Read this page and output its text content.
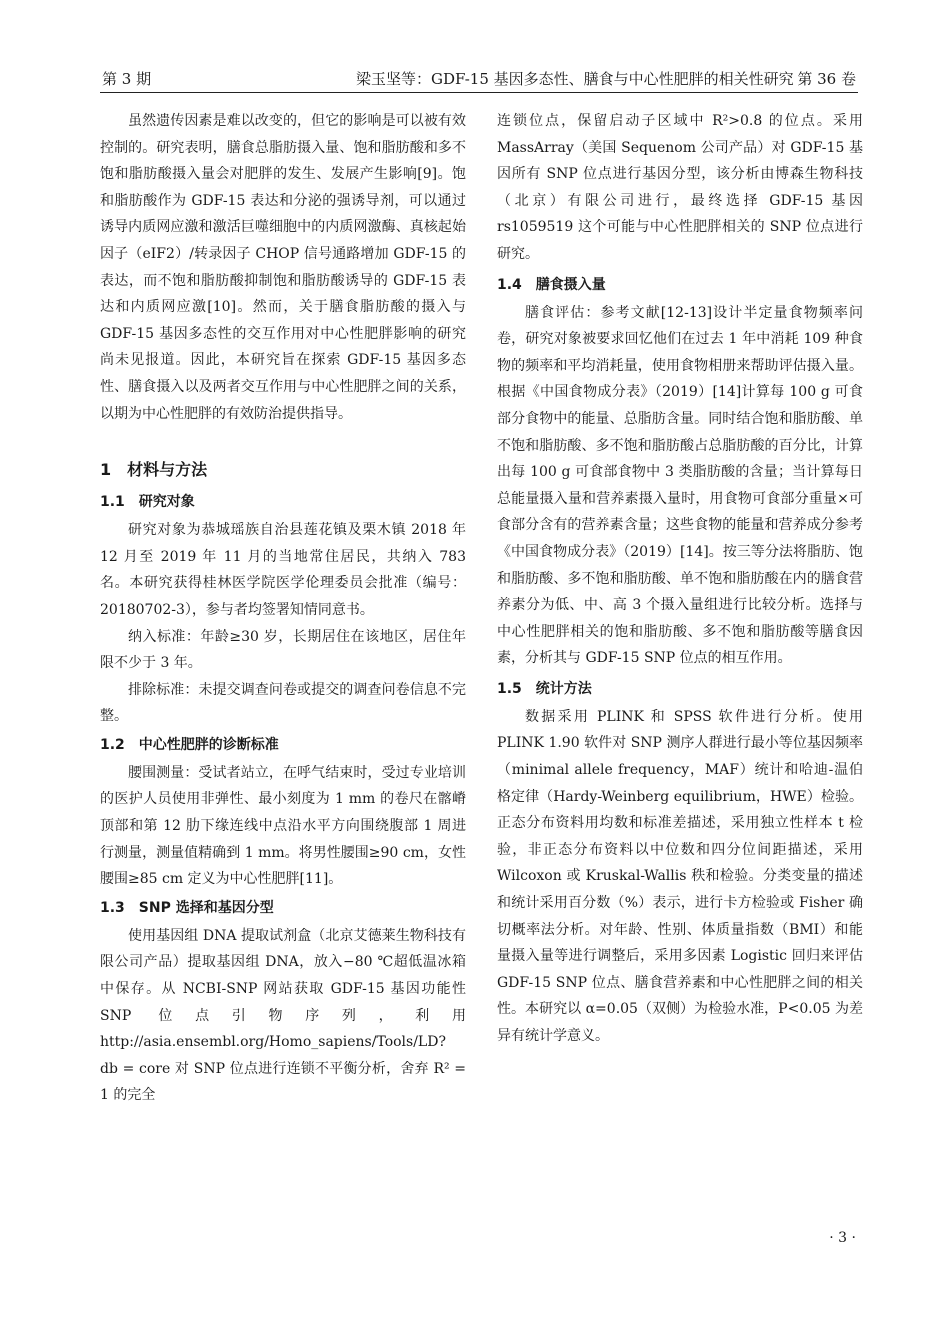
第 3 期	梁玉坚等：GDF-15 基因多态性、膳食与中心性肥胖的相关性研究 第 36 卷

虽然遗传因素是难以改变的，但它的影响是可以被有效控制的。研究表明，膳食总脂肪摄入量、饱和脂肪酸和多不饱和脂肪酸摄入量会对肥胖的发生、发展产生影响[9]。饱和脂肪酸作为 GDF-15 表达和分泌的强诱导剂，可以通过诱导内质网应激和激活巨噬细胞中的内质网激酶、真核起始因子（eIF2）/转录因子 CHOP 信号通路增加 GDF-15 的表达，而不饱和脂肪酸抑制饱和脂肪酸诱导的 GDF-15 表达和内质网应激[10]。然而，关于膳食脂肪酸的摄入与 GDF-15 基因多态性的交互作用对中心性肥胖影响的研究尚未见报道。因此，本研究旨在探索 GDF-15 基因多态性、膳食摄入以及两者交互作用与中心性肥胖之间的关系，以期为中心性肥胖的有效防治提供指导。

1　材料与方法
1.1　研究对象

研究对象为恭城瑶族自治县莲花镇及栗木镇 2018 年 12 月至 2019 年 11 月的当地常住居民，共纳入 783 名。本研究获得桂林医学院医学伦理委员会批准（编号：20180702-3），参与者均签署知情同意书。

纳入标准：年龄≥30 岁，长期居住在该地区，居住年限不少于 3 年。

排除标准：未提交调查问卷或提交的调查问卷信息不完整。

1.2　中心性肥胖的诊断标准

腰围测量：受试者站立，在呼气结束时，受过专业培训的医护人员使用非弹性、最小刻度为 1 mm 的卷尺在髂嵴顶部和第 12 肋下缘连线中点沿水平方向围绕腹部 1 周进行测量，测量值精确到 1 mm。将男性腰围≥90 cm，女性腰围≥85 cm 定义为中心性肥胖[11]。

1.3　SNP 选择和基因分型

使用基因组 DNA 提取试剂盒（北京艾德莱生物科技有限公司产品）提取基因组 DNA，放入−80 ℃超低温冰箱中保存。从 NCBI-SNP 网站获取 GDF-15 基因功能性 SNP 位点引物序列，利用 http://asia.ensembl.org/Homo_sapiens/Tools/LD? db = core 对 SNP 位点进行连锁不平衡分析，舍弃 R² = 1 的完全

连锁位点，保留启动子区域中 R²>0.8 的位点。采用 MassArray（美国 Sequenom 公司产品）对 GDF-15 基因所有 SNP 位点进行基因分型，该分析由博森生物科技（北京）有限公司进行，最终选择 GDF-15 基因 rs1059519 这个可能与中心性肥胖相关的 SNP 位点进行研究。

1.4　膳食摄入量

膳食评估：参考文献[12-13]设计半定量食物频率问卷，研究对象被要求回忆他们在过去 1 年中消耗 109 种食物的频率和平均消耗量，使用食物相册来帮助评估摄入量。根据《中国食物成分表》（2019）[14]计算每 100 g 可食部分食物中的能量、总脂肪含量。同时结合饱和脂肪酸、单不饱和脂肪酸、多不饱和脂肪酸占总脂肪酸的百分比，计算出每 100 g 可食部食物中 3 类脂肪酸的含量；当计算每日总能量摄入量和营养素摄入量时，用食物可食部分重量×可食部分含有的营养素含量；这些食物的能量和营养成分参考《中国食物成分表》（2019）[14]。按三等分法将脂肪、饱和脂肪酸、多不饱和脂肪酸、单不饱和脂肪酸在内的膳食营养素分为低、中、高 3 个摄入量组进行比较分析。选择与中心性肥胖相关的饱和脂肪酸、多不饱和脂肪酸等膳食因素，分析其与 GDF-15 SNP 位点的相互作用。

1.5　统计方法

数据采用 PLINK 和 SPSS 软件进行分析。使用 PLINK 1.90 软件对 SNP 测序人群进行最小等位基因频率（minimal allele frequency，MAF）统计和哈迪-温伯格定律（Hardy-Weinberg equilibrium，HWE）检验。正态分布资料用均数和标准差描述，采用独立性样本 t 检验，非正态分布资料以中位数和四分位间距描述，采用 Wilcoxon 或 Kruskal-Wallis 秩和检验。分类变量的描述和统计采用百分数（%）表示，进行卡方检验或 Fisher 确切概率法分析。对年龄、性别、体质量指数（BMI）和能量摄入量等进行调整后，采用多因素 Logistic 回归来评估 GDF-15 SNP 位点、膳食营养素和中心性肥胖之间的相关性。本研究以 α=0.05（双侧）为检验水准，P<0.05 为差异有统计学意义。

· 3 ·
